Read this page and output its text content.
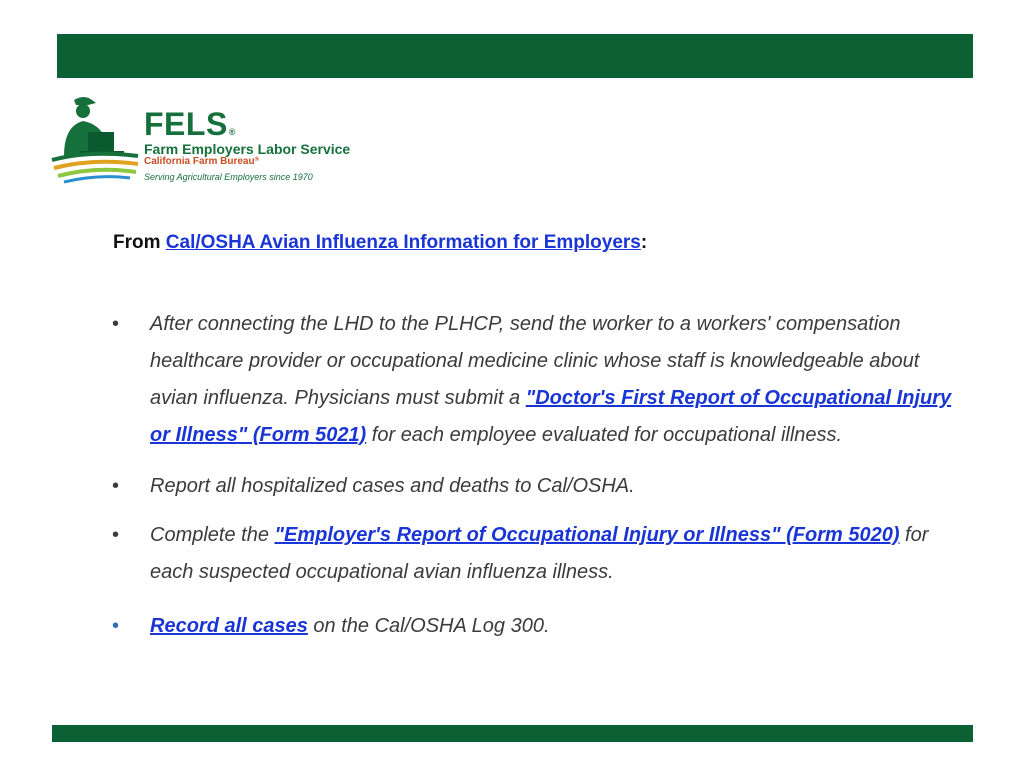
FELS®
Farm Employers Labor Service
California Farm Bureau®
Serving Agricultural Employers since 1970
From Cal/OSHA Avian Influenza Information for Employers:
• After connecting the LHD to the PLHCP, send the worker to a workers' compensation healthcare provider or occupational medicine clinic whose staff is knowledgeable about avian influenza. Physicians must submit a "Doctor's First Report of Occupational Injury or Illness" (Form 5021) for each employee evaluated for occupational illness.
• Report all hospitalized cases and deaths to Cal/OSHA.
• Complete the "Employer's Report of Occupational Injury or Illness" (Form 5020) for each suspected occupational avian influenza illness.
• Record all cases on the Cal/OSHA Log 300.
